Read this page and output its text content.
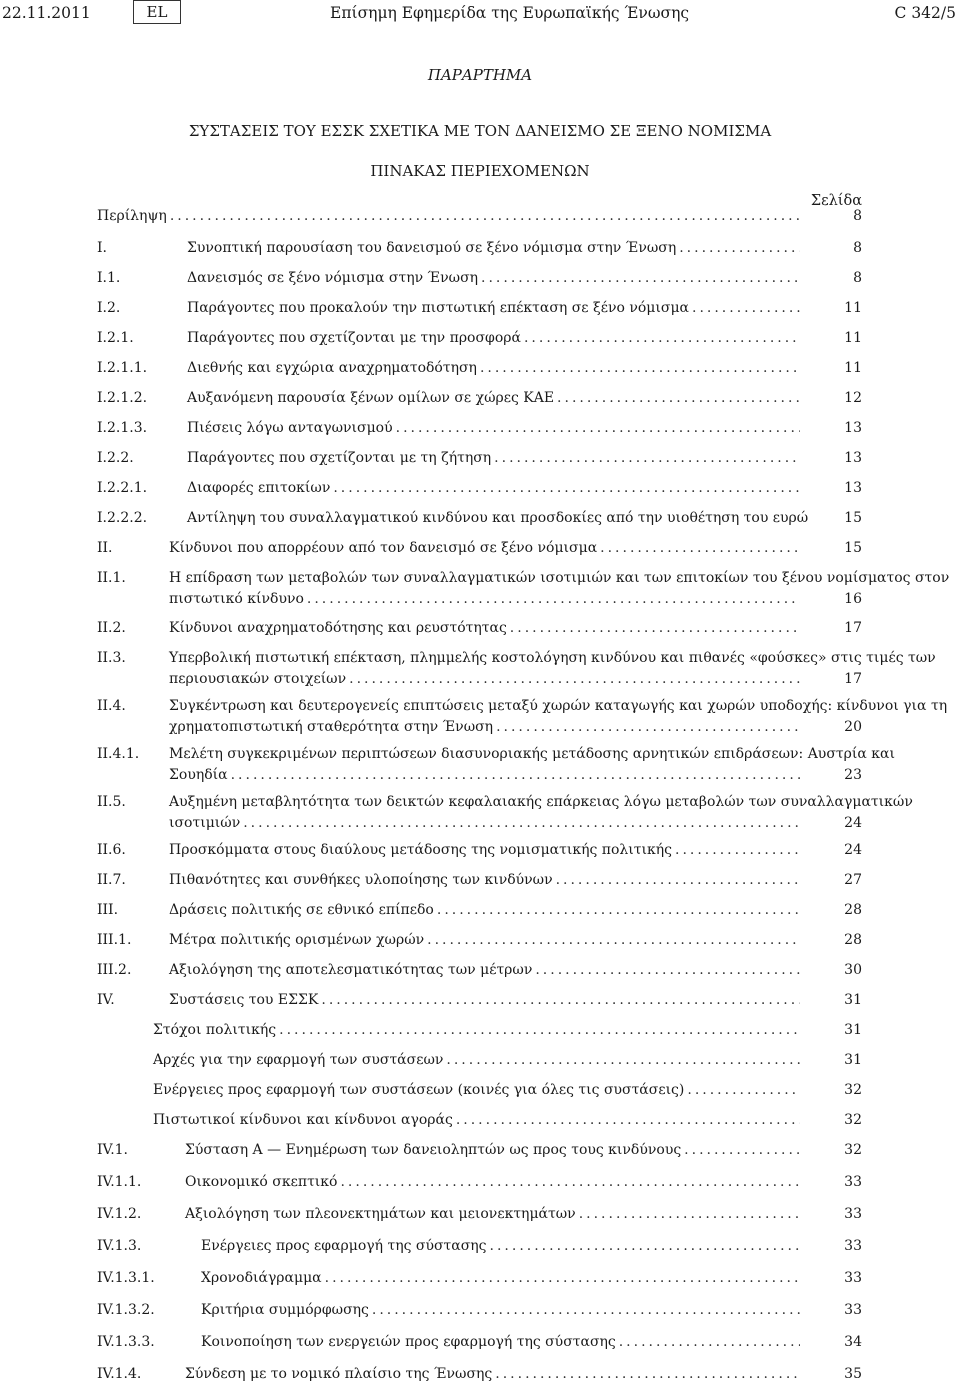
22.11.2011	EL	Επίσημη Εφημερίδα της Ευρωπαϊκής Ένωσης	C 342/5
ΠΑΡΑΡΤΗΜΑ
ΣΥΣΤΑΣΕΙΣ ΤΟΥ ΕΣΣΚ ΣΧΕΤΙΚΑ ΜΕ ΤΟΝ ΔΑΝΕΙΣΜΟ ΣΕ ΞΕΝΟ ΝΟΜΙΣΜΑ
ΠΙΝΑΚΑΣ ΠΕΡΙΕΧΟΜΕΝΩΝ
Σελίδα
Περίληψη .....	8
I.	Συνοπτική παρουσίαση του δανεισμού σε ξένο νόμισμα στην Ένωση .....	8
I.1.	Δανεισμός σε ξένο νόμισμα στην Ένωση .....	8
I.2.	Παράγοντες που προκαλούν την πιστωτική επέκταση σε ξένο νόμισμα .....	11
I.2.1.	Παράγοντες που σχετίζονται με την προσφορά .....	11
I.2.1.1.	Διεθνής και εγχώρια αναχρηματοδότηση .....	11
I.2.1.2.	Αυξανόμενη παρουσία ξένων ομίλων σε χώρες ΚΑΕ .....	12
I.2.1.3.	Πιέσεις λόγω ανταγωνισμού .....	13
I.2.2.	Παράγοντες που σχετίζονται με τη ζήτηση .....	13
I.2.2.1.	Διαφορές επιτοκίων .....	13
I.2.2.2.	Αντίληψη του συναλλαγματικού κινδύνου και προσδοκίες από την υιοθέτηση του ευρώ .....	15
II.	Κίνδυνοι που απορρέουν από τον δανεισμό σε ξένο νόμισμα .....	15
II.1.	Η επίδραση των μεταβολών των συναλλαγματικών ισοτιμιών και των επιτοκίων του ξένου νομίσματος στον
πιστωτικό κίνδυνο .....	16
II.2.	Κίνδυνοι αναχρηματοδότησης και ρευστότητας .....	17
II.3.	Υπερβολική πιστωτική επέκταση, πλημμελής κοστολόγηση κινδύνου και πιθανές «φούσκες» στις τιμές των
περιουσιακών στοιχείων .....	17
II.4.	Συγκέντρωση και δευτερογενείς επιπτώσεις μεταξύ χωρών καταγωγής και χωρών υποδοχής: κίνδυνοι για τη
χρηματοπιστωτική σταθερότητα στην Ένωση .....	20
II.4.1. Μελέτη συγκεκριμένων περιπτώσεων διασυνοριακής μετάδοσης αρνητικών επιδράσεων: Αυστρία και
Σουηδία .....	23
II.5.	Αυξημένη μεταβλητότητα των δεικτών κεφαλαιακής επάρκειας λόγω μεταβολών των συναλλαγματικών
ισοτιμιών .....	24
II.6.	Προσκόμματα στους διαύλους μετάδοσης της νομισματικής πολιτικής .....	24
II.7.	Πιθανότητες και συνθήκες υλοποίησης των κινδύνων .....	27
III.	Δράσεις πολιτικής σε εθνικό επίπεδο .....	28
III.1.	Μέτρα πολιτικής ορισμένων χωρών .....	28
III.2.	Αξιολόγηση της αποτελεσματικότητας των μέτρων .....	30
IV.	Συστάσεις του ΕΣΣΚ .....	31
Στόχοι πολιτικής .....	31
Αρχές για την εφαρμογή των συστάσεων .....	31
Ενέργειες προς εφαρμογή των συστάσεων (κοινές για όλες τις συστάσεις) .....	32
Πιστωτικοί κίνδυνοι και κίνδυνοι αγοράς .....	32
IV.1.	Σύσταση Α — Ενημέρωση των δανειοληπτών ως προς τους κινδύνους .....	32
IV.1.1.	Οικονομικό σκεπτικό .....	33
IV.1.2.	Αξιολόγηση των πλεονεκτημάτων και μειονεκτημάτων .....	33
IV.1.3.	Ενέργειες προς εφαρμογή της σύστασης .....	33
IV.1.3.1.	Χρονοδιάγραμμα .....	33
IV.1.3.2.	Κριτήρια συμμόρφωσης .....	33
IV.1.3.3.	Κοινοποίηση των ενεργειών προς εφαρμογή της σύστασης .....	34
IV.1.4.	Σύνδεση με το νομικό πλαίσιο της Ένωσης .....	35
